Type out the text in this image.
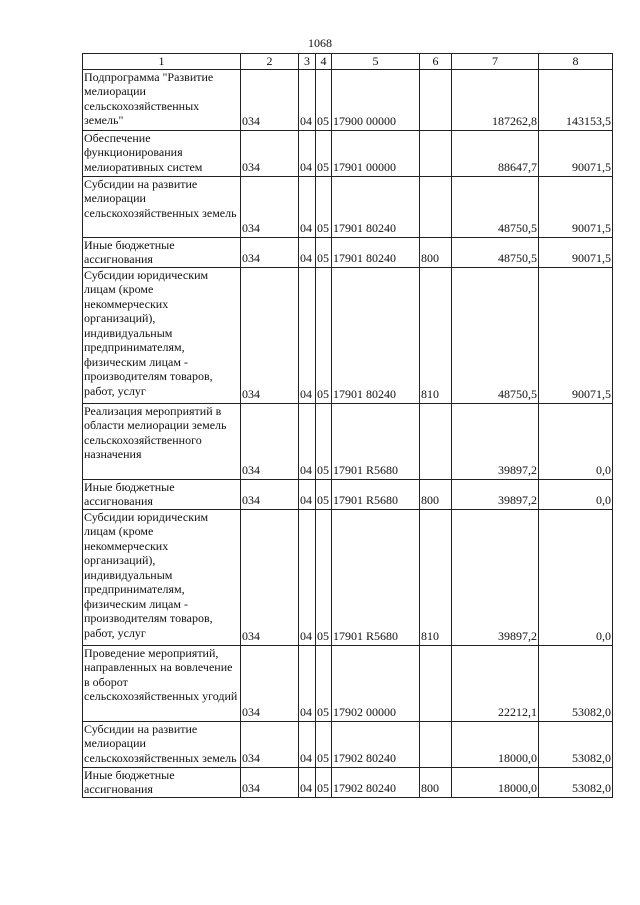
1068
1	2	3	4	5	6	7	8
Подпрограмма "Развитие мелиорации сельскохозяйственных земель"	034	04	05	17900 00000		187262,8	143153,5
Обеспечение функционирования мелиоративных систем	034	04	05	17901 00000		88647,7	90071,5
Субсидии на развитие мелиорации сельскохозяйственных земель	034	04	05	17901 80240		48750,5	90071,5
Иные бюджетные ассигнования	034	04	05	17901 80240	800	48750,5	90071,5
Субсидии юридическим лицам (кроме некоммерческих организаций), индивидуальным предпринимателям, физическим лицам - производителям товаров, работ, услуг	034	04	05	17901 80240	810	48750,5	90071,5
Реализация мероприятий в области мелиорации земель сельскохозяйственного назначения	034	04	05	17901 R5680		39897,2	0,0
Иные бюджетные ассигнования	034	04	05	17901 R5680	800	39897,2	0,0
Субсидии юридическим лицам (кроме некоммерческих организаций), индивидуальным предпринимателям, физическим лицам - производителям товаров, работ, услуг	034	04	05	17901 R5680	810	39897,2	0,0
Проведение мероприятий, направленных на вовлечение в оборот сельскохозяйственных угодий	034	04	05	17902 00000		22212,1	53082,0
Субсидии на развитие мелиорации сельскохозяйственных земель	034	04	05	17902 80240		18000,0	53082,0
Иные бюджетные ассигнования	034	04	05	17902 80240	800	18000,0	53082,0
